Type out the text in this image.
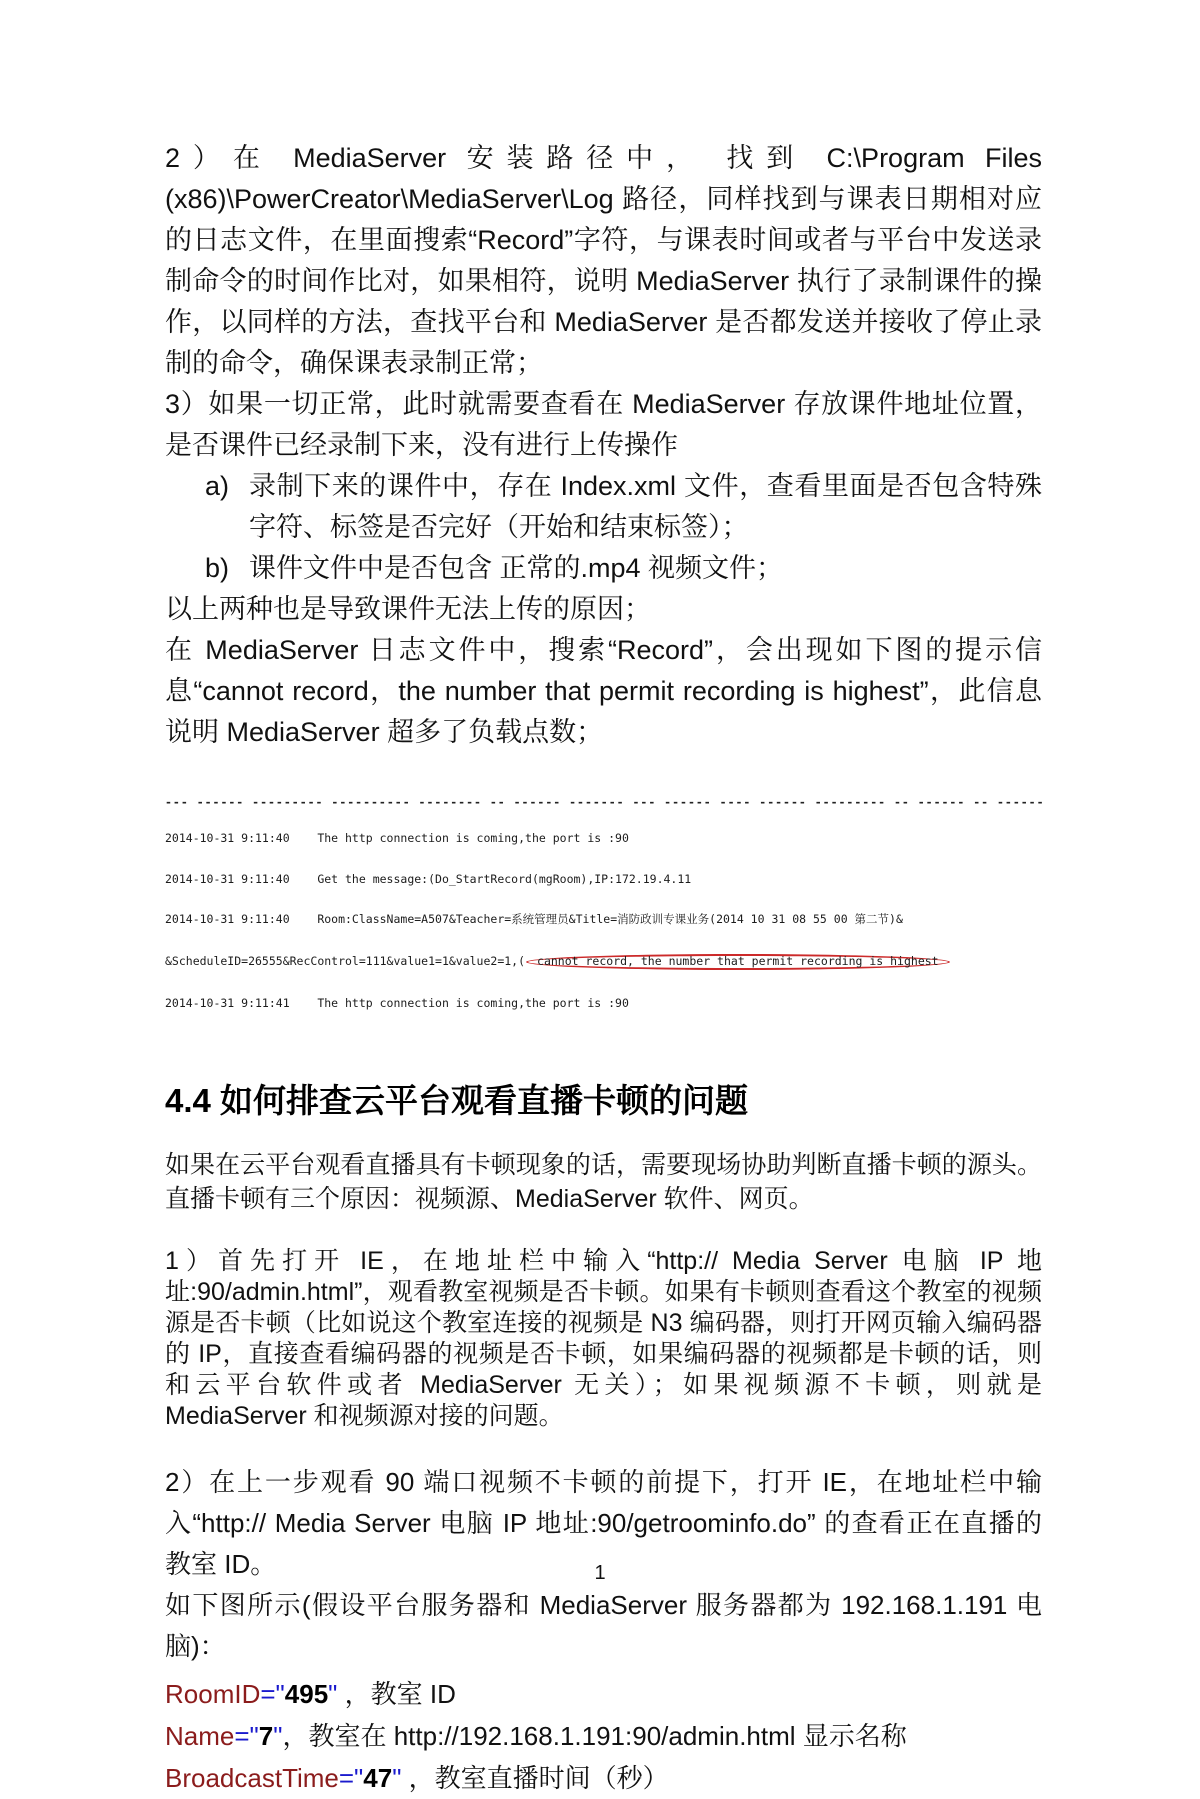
2）在 MediaServer 安装路径中， 找到 C:\Program Files (x86)\PowerCreator\MediaServer\Log 路径，同样找到与课表日期相对应的日志文件，在里面搜索“Record”字符，与课表时间或者与平台中发送录制命令的时间作比对，如果相符，说明 MediaServer 执行了录制课件的操作，以同样的方法，查找平台和 MediaServer 是否都发送并接收了停止录制的命令，确保课表录制正常；

3）如果一切正常，此时就需要查看在 MediaServer 存放课件地址位置，是否课件已经录制下来，没有进行上传操作

a) 录制下来的课件中，存在 Index.xml 文件，查看里面是否包含特殊字符、标签是否完好（开始和结束标签）；
b) 课件文件中是否包含 正常的.mp4 视频文件；

以上两种也是导致课件无法上传的原因；

在 MediaServer 日志文件中，搜索“Record”，会出现如下图的提示信息“cannot record，the number that permit recording is highest”，此信息说明 MediaServer 超多了负载点数；

--- ------ --------- ---------- -------- -- ------ ------- --- ------ ---- ------ --------- -- ------ -- ------

2014-10-31 9:11:40    The http connection is coming,the port is :90

2014-10-31 9:11:40    Get the message:(Do_StartRecord(mgRoom),IP:172.19.4.11

2014-10-31 9:11:40    Room:ClassName=A507&Teacher=系统管理员&Title=消防政训专课业务(2014 10 31 08 55 00 第二节)&

&ScheduleID=26555&RecControl=111&value1=1&value2=1,( cannot record, the number that permit recording is highest

2014-10-31 9:11:41    The http connection is coming,the port is :90

4.4 如何排查云平台观看直播卡顿的问题

如果在云平台观看直播具有卡顿现象的话，需要现场协助判断直播卡顿的源头。直播卡顿有三个原因：视频源、MediaServer 软件、网页。

1）首先打开 IE，在地址栏中输入“http:// Media Server 电脑 IP 地址:90/admin.html”，观看教室视频是否卡顿。如果有卡顿则查看这个教室的视频源是否卡顿（比如说这个教室连接的视频是 N3 编码器，则打开网页输入编码器的 IP，直接查看编码器的视频是否卡顿，如果编码器的视频都是卡顿的话，则和云平台软件或者 MediaServer 无关）；如果视频源不卡顿，则就是 MediaServer 和视频源对接的问题。

2）在上一步观看 90 端口视频不卡顿的前提下，打开 IE，在地址栏中输入“http:// Media Server 电脑 IP 地址:90/getroominfo.do” 的查看正在直播的教室 ID。

如下图所示(假设平台服务器和 MediaServer 服务器都为 192.168.1.191 电脑)：

RoomID="495" ，教室 ID

Name="7"，教室在 http://192.168.1.191:90/admin.html 显示名称

BroadcastTime="47" ，教室直播时间（秒）

1
